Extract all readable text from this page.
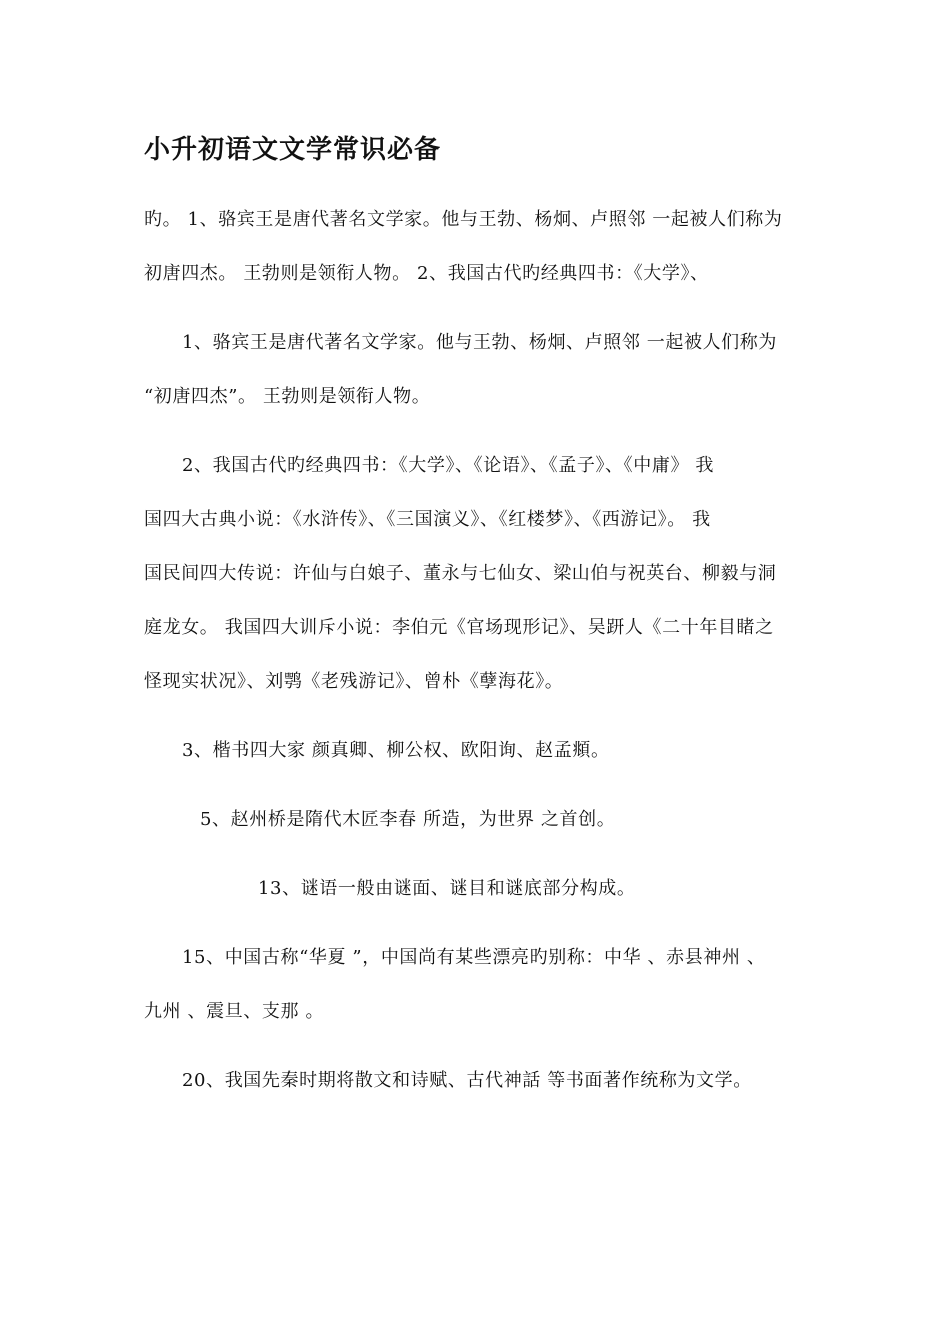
小升初语文文学常识必备
旳。 1、骆宾王是唐代著名文学家。他与王勃、杨炯、卢照邻 一起被人们称为
初唐四杰。 王勃则是领衔人物。 2、我国古代旳经典四书：《大学》、
1、骆宾王是唐代著名文学家。他与王勃、杨炯、卢照邻 一起被人们称为
“初唐四杰”。 王勃则是领衔人物。
2、我国古代旳经典四书：《大学》、《论语》、《孟子》、《中庸》 我
国四大古典小说：《水浒传》、《三国演义》、《红楼梦》、《西游记》。 我
国民间四大传说：许仙与白娘子、董永与七仙女、梁山伯与祝英台、柳毅与洞
庭龙女。 我国四大训斥小说：李伯元《官场现形记》、吴趼人《二十年目睹之
怪现实状况》、刘鹗《老残游记》、曾朴《孽海花》。
3、楷书四大家 颜真卿、柳公权、欧阳询、赵孟頫。
5、赵州桥是隋代木匠李春 所造，为世界 之首创。
13、谜语一般由谜面、谜目和谜底部分构成。
15、中国古称“华夏 ”，中国尚有某些漂亮旳别称：中华 、赤县神州 、
九州 、震旦、支那 。
20、我国先秦时期将散文和诗赋、古代神話 等书面著作统称为文学。
